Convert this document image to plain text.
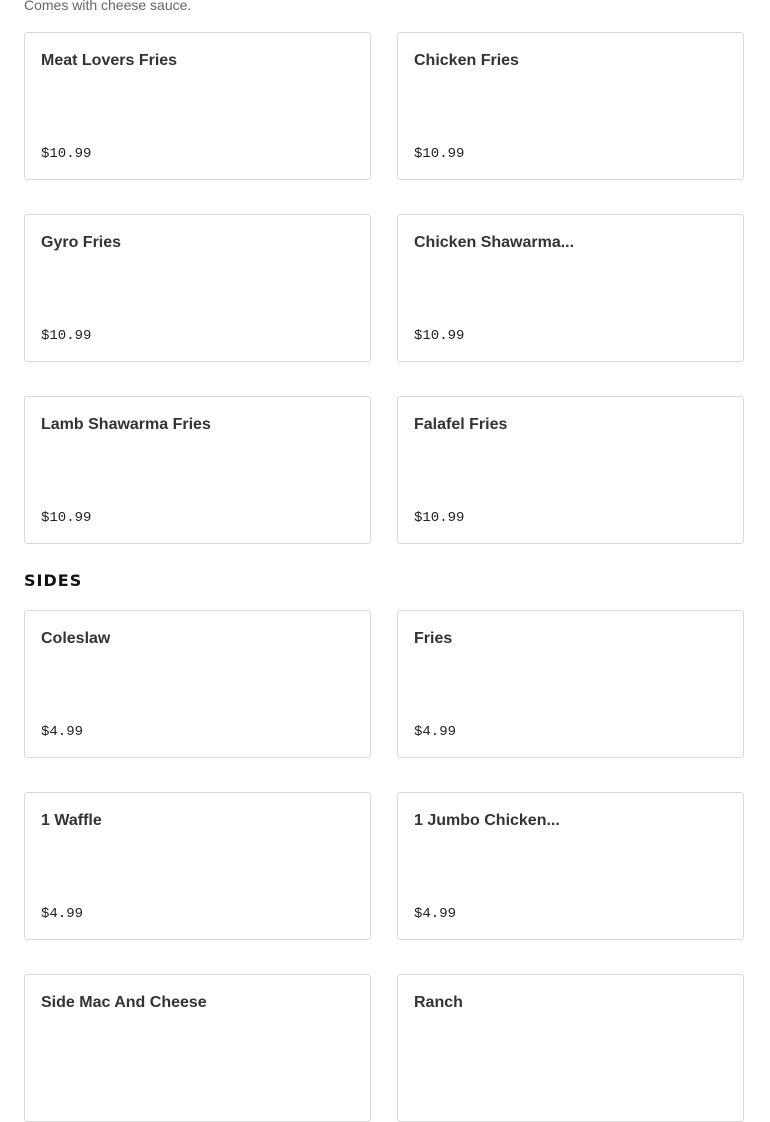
Comes with cheese sauce.

Meat Lovers Fries
$10.99
Chicken Fries
$10.99
Gyro Fries
$10.99
Chicken Shawarma...
$10.99
Lamb Shawarma Fries
$10.99
Falafel Fries
$10.99
SIDES
Coleslaw
$4.99
Fries
$4.99
1 Waffle
$4.99
1 Jumbo Chicken...
$4.99
Side Mac And Cheese	Ranch
